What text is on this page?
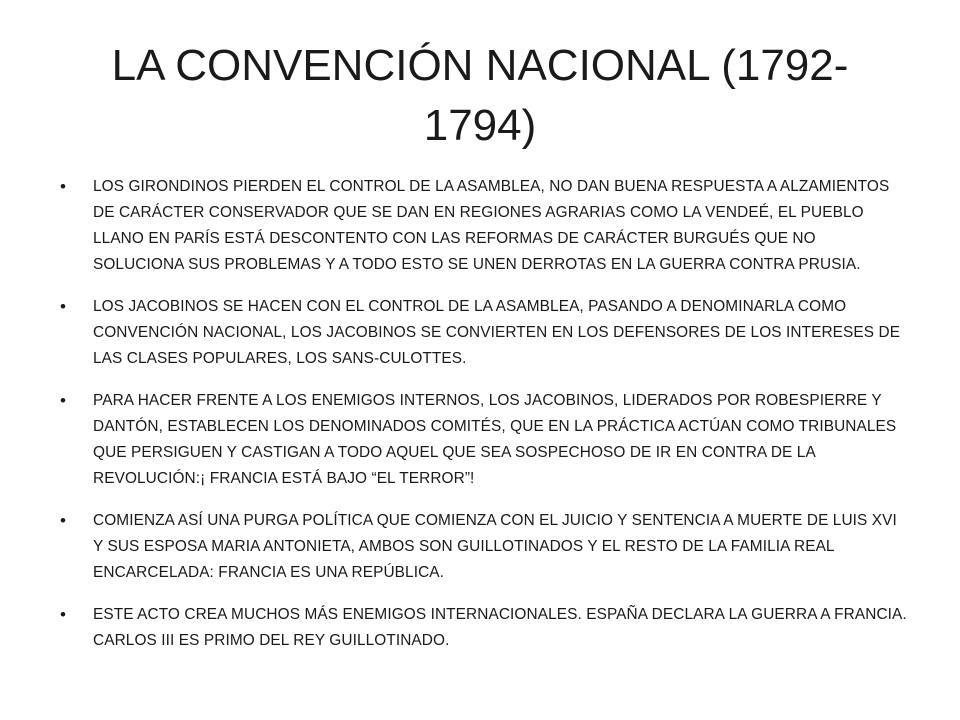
LA CONVENCIÓN NACIONAL (1792-1794)
• LOS GIRONDINOS PIERDEN EL CONTROL DE LA ASAMBLEA, NO DAN BUENA RESPUESTA A ALZAMIENTOS DE CARÁCTER CONSERVADOR QUE SE DAN EN REGIONES AGRARIAS COMO LA VENDEÉ, EL PUEBLO LLANO EN PARÍS ESTÁ DESCONTENTO CON LAS REFORMAS DE CARÁCTER BURGUÉS QUE NO SOLUCIONA SUS PROBLEMAS Y A TODO ESTO SE UNEN DERROTAS EN LA GUERRA CONTRA PRUSIA.
• LOS JACOBINOS SE HACEN CON EL CONTROL DE LA ASAMBLEA, PASANDO A DENOMINARLA COMO CONVENCIÓN NACIONAL, LOS JACOBINOS SE CONVIERTEN EN LOS DEFENSORES DE LOS INTERESES DE LAS CLASES POPULARES, LOS SANS-CULOTTES.
• PARA HACER FRENTE A LOS ENEMIGOS INTERNOS, LOS JACOBINOS, LIDERADOS POR ROBESPIERRE Y DANTÓN, ESTABLECEN LOS DENOMINADOS COMITÉS, QUE EN LA PRÁCTICA ACTÚAN COMO TRIBUNALES QUE PERSIGUEN Y CASTIGAN A TODO AQUEL QUE SEA SOSPECHOSO DE IR EN CONTRA DE LA REVOLUCIÓN:¡ FRANCIA ESTÁ BAJO “EL TERROR”!
• COMIENZA ASÍ UNA PURGA POLÍTICA QUE COMIENZA CON EL JUICIO Y SENTENCIA A MUERTE DE LUIS XVI Y SUS ESPOSA MARIA ANTONIETA, AMBOS SON GUILLOTINADOS Y EL RESTO DE LA FAMILIA REAL ENCARCELADA: FRANCIA ES UNA REPÚBLICA.
• ESTE ACTO CREA MUCHOS MÁS ENEMIGOS INTERNACIONALES. ESPAÑA DECLARA LA GUERRA A FRANCIA. CARLOS III ES PRIMO DEL REY GUILLOTINADO.
